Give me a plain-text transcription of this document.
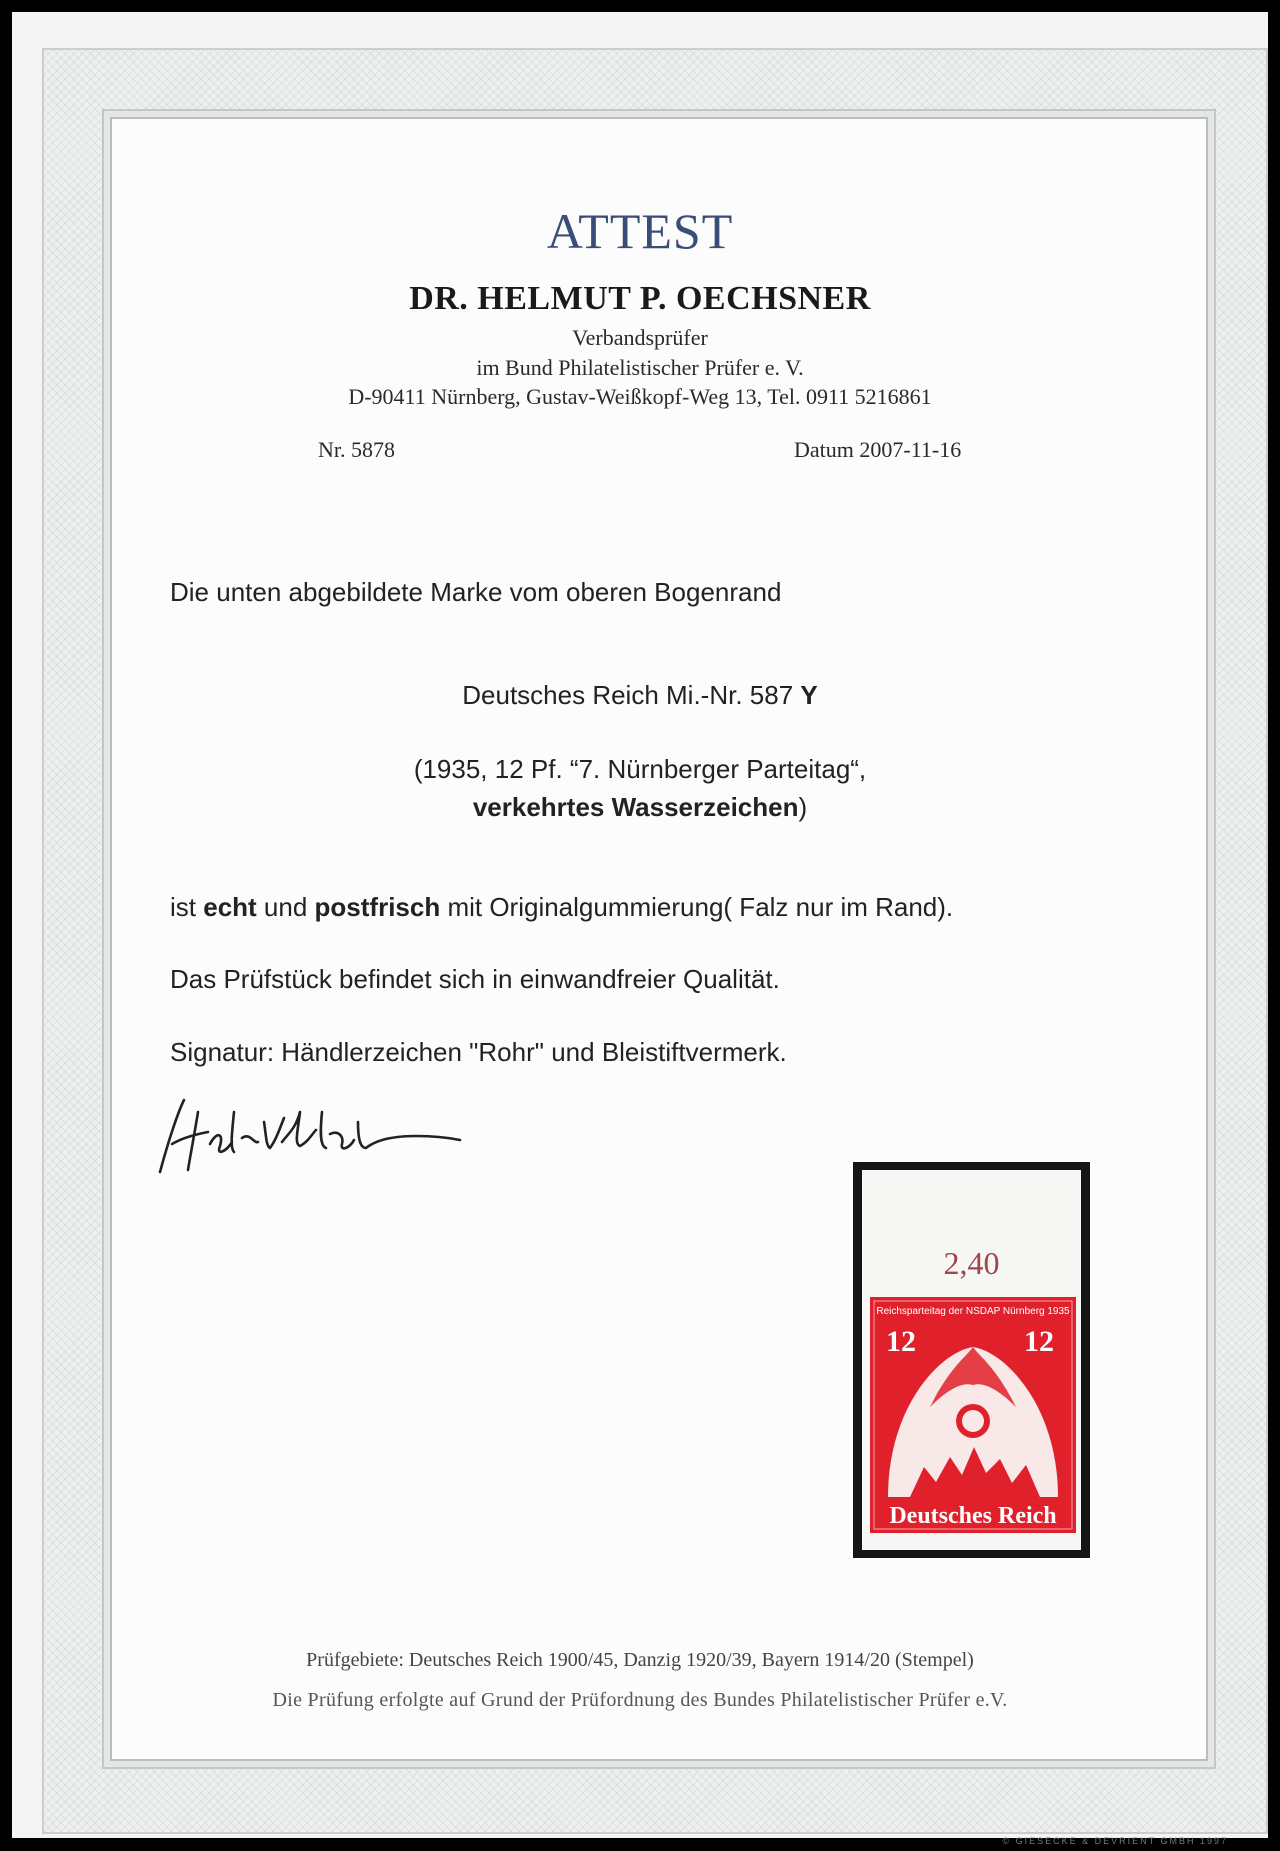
ATTEST
DR. HELMUT P. OECHSNER
Verbandsprüfer
im Bund Philatelistischer Prüfer e. V.
D-90411 Nürnberg, Gustav-Weißkopf-Weg 13, Tel. 0911 5216861
Nr. 5878	Datum 2007-11-16
Die unten abgebildete Marke vom oberen Bogenrand
Deutsches Reich Mi.-Nr. 587 Y
(1935, 12 Pf. “7. Nürnberger Parteitag“,
verkehrtes Wasserzeichen)
ist echt und postfrisch mit Originalgummierung( Falz nur im Rand).
Das Prüfstück befindet sich in einwandfreier Qualität.
Signatur: Händlerzeichen "Rohr" und Bleistiftvermerk.
2,40
Reichsparteitag der NSDAP Nürnberg 1935
12	12
Deutsches Reich
Prüfgebiete: Deutsches Reich 1900/45, Danzig 1920/39, Bayern 1914/20 (Stempel)
Die Prüfung erfolgte auf Grund der Prüfordnung des Bundes Philatelistischer Prüfer e.V.
© GIESECKE & DEVRIENT GMBH 1997
